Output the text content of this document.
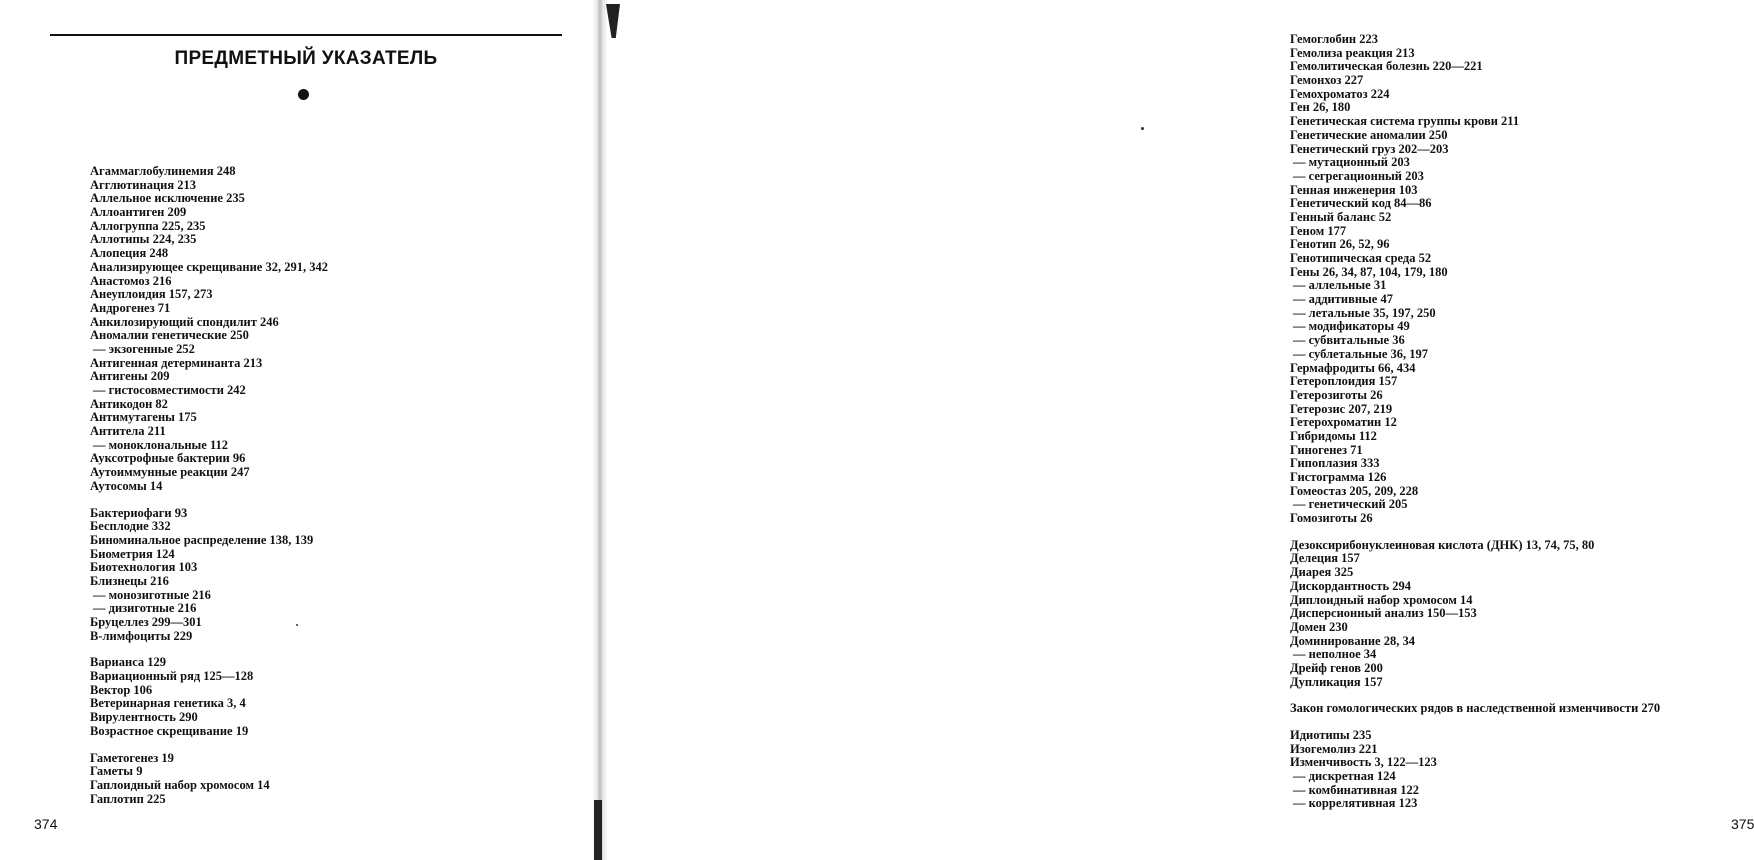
ПРЕДМЕТНЫЙ УКАЗАТЕЛЬ
Агаммаглобулинемия 248
Агглютинация 213
Аллельное исключение 235
Аллоантиген 209
Аллогруппа 225, 235
Аллотипы 224, 235
Алопеция 248
Анализирующее скрещивание 32, 291, 342
Анастомоз 216
Анеуплоидия 157, 273
Андрогенез 71
Анкилозирующий спондилит 246
Аномалии генетические 250
— экзогенные 252
Антигенная детерминанта 213
Антигены 209
— гистосовместимости 242
Антикодон 82
Антимутагены 175
Антитела 211
— моноклональные 112
Ауксотрофные бактерии 96
Аутоиммунные реакции 247
Аутосомы 14
Бактериофаги 93
Бесплодие 332
Биноминальное распределение 138, 139
Биометрия 124
Биотехнология 103
Близнецы 216
— монозиготные 216
— дизиготные 216
Бруцеллез 299—301
В-лимфоциты 229
Варианса 129
Вариационный ряд 125—128
Вектор 106
Ветеринарная генетика 3, 4
Вирулентность 290
Возрастное скрещивание 19
Гаметогенез 19
Гаметы 9
Гаплоидный набор хромосом 14
Гаплотип 225
374
Гемоглобин 223
Гемолиза реакция 213
Гемолитическая болезнь 220—221
Гемонхоз 227
Гемохроматоз 224
Ген 26, 180
Генетическая система группы крови 211
Генетические аномалии 250
Генетический груз 202—203
— мутационный 203
— сегрегационный 203
Генная инженерия 103
Генетический код 84—86
Генный баланс 52
Геном 177
Генотип 26, 52, 96
Генотипическая среда 52
Гены 26, 34, 87, 104, 179, 180
— аллельные 31
— аддитивные 47
— летальные 35, 197, 250
— модификаторы 49
— субвитальные 36
— сублетальные 36, 197
Гермафродиты 66, 434
Гетероплоидия 157
Гетерозиготы 26
Гетерозис 207, 219
Гетерохроматин 12
Гибридомы 112
Гиногенез 71
Гипоплазия 333
Гистограмма 126
Гомеостаз 205, 209, 228
— генетический 205
Гомозиготы 26
Дезоксирибонуклеиновая кислота (ДНК) 13, 74, 75, 80
Делеция 157
Диарея 325
Дискордантность 294
Диплоидный набор хромосом 14
Дисперсионный анализ 150—153
Домен 230
Доминирование 28, 34
— неполное 34
Дрейф генов 200
Дупликация 157
Закон гомологических рядов в наследственной изменчивости 270
Идиотипы 235
Изогемолиз 221
Изменчивость 3, 122—123
— дискретная 124
— комбинативная 122
— коррелятивная 123
375
